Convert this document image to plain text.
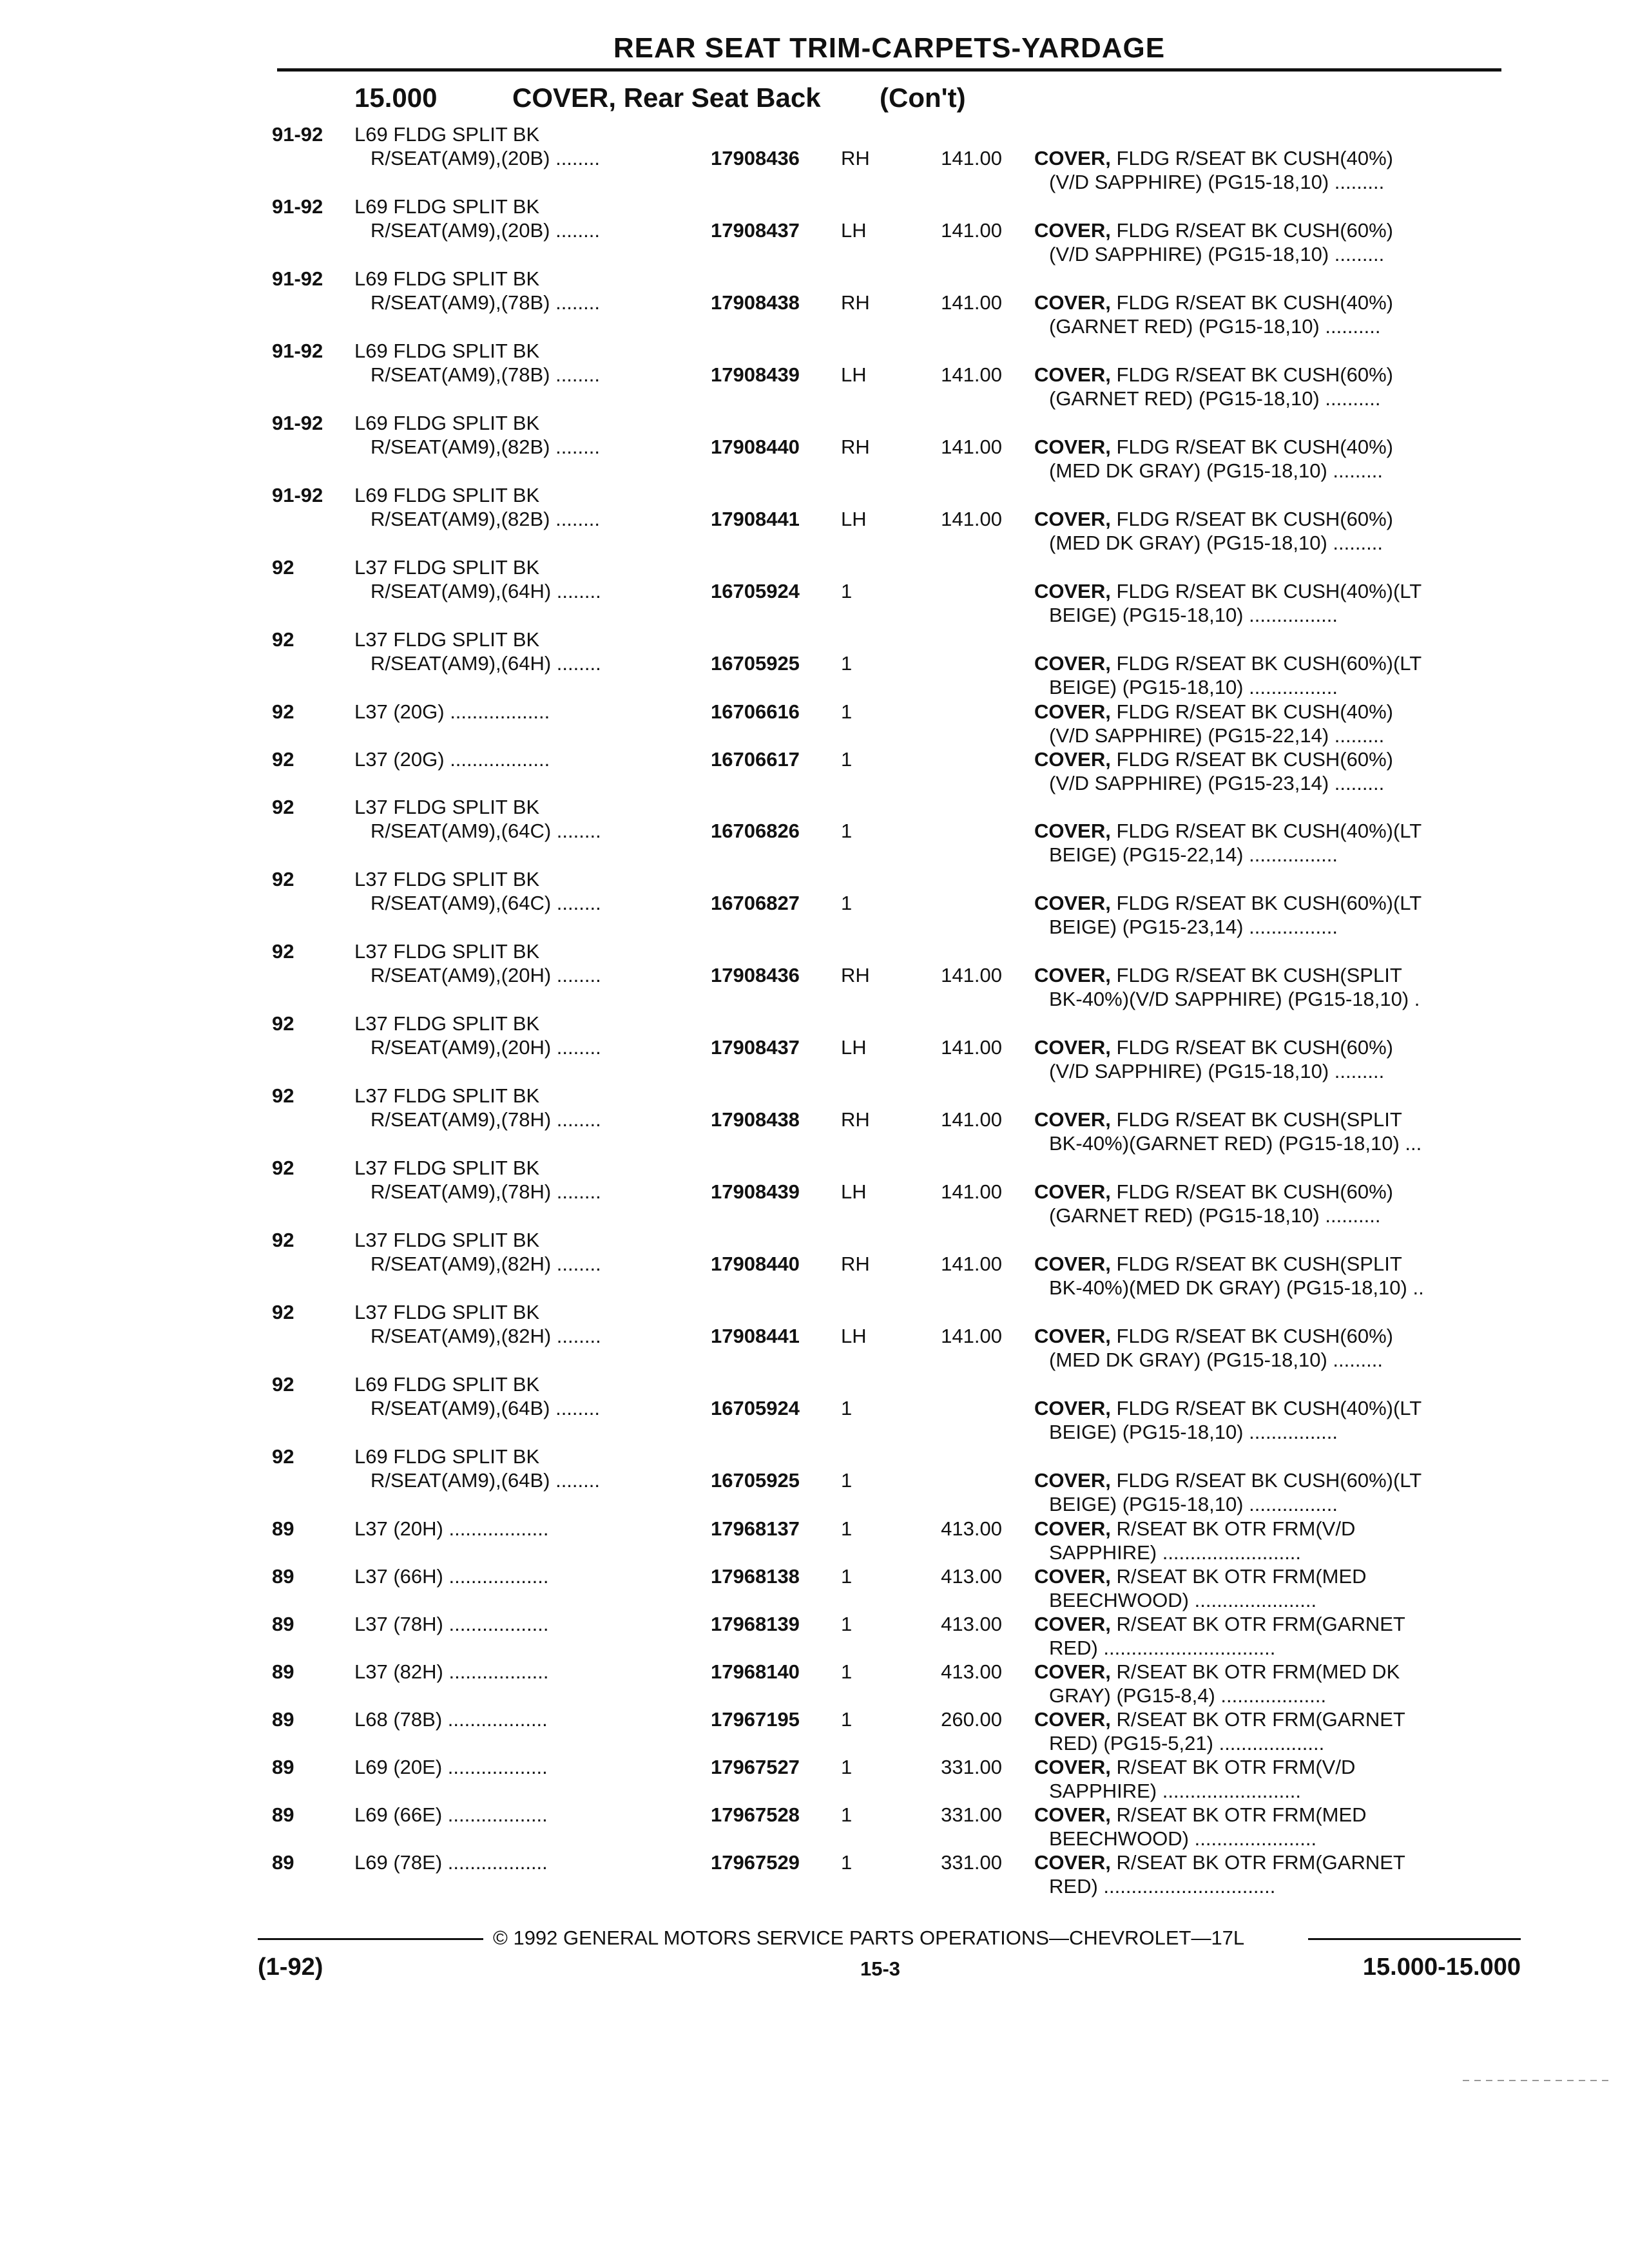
REAR SEAT TRIM-CARPETS-YARDAGE
15.000	COVER, Rear Seat Back (Con't)
91-92 L69 FLDG SPLIT BK
R/SEAT(AM9),(20B) ........	17908436 RH	141.00 COVER, FLDG R/SEAT BK CUSH(40%)
(V/D SAPPHIRE) (PG15-18,10) .........
91-92 L69 FLDG SPLIT BK
R/SEAT(AM9),(20B) ........	17908437 LH	141.00 COVER, FLDG R/SEAT BK CUSH(60%)
(V/D SAPPHIRE) (PG15-18,10) .........
91-92 L69 FLDG SPLIT BK
R/SEAT(AM9),(78B) ........	17908438 RH	141.00 COVER, FLDG R/SEAT BK CUSH(40%)
(GARNET RED) (PG15-18,10) ..........
91-92 L69 FLDG SPLIT BK
R/SEAT(AM9),(78B) ........	17908439 LH	141.00 COVER, FLDG R/SEAT BK CUSH(60%)
(GARNET RED) (PG15-18,10) ..........
91-92 L69 FLDG SPLIT BK
R/SEAT(AM9),(82B) ........	17908440 RH	141.00 COVER, FLDG R/SEAT BK CUSH(40%)
(MED DK GRAY) (PG15-18,10) .........
91-92 L69 FLDG SPLIT BK
R/SEAT(AM9),(82B) ........	17908441 LH	141.00 COVER, FLDG R/SEAT BK CUSH(60%)
(MED DK GRAY) (PG15-18,10) .........
92	L37 FLDG SPLIT BK
R/SEAT(AM9),(64H) ........	16705924 1	COVER, FLDG R/SEAT BK CUSH(40%)(LT
BEIGE) (PG15-18,10) ................
92	L37 FLDG SPLIT BK
R/SEAT(AM9),(64H) ........	16705925 1	COVER, FLDG R/SEAT BK CUSH(60%)(LT
BEIGE) (PG15-18,10) ................
92	L37 (20G) ..................	16706616 1	COVER, FLDG R/SEAT BK CUSH(40%)
(V/D SAPPHIRE) (PG15-22,14) .........
92	L37 (20G) ..................	16706617 1	COVER, FLDG R/SEAT BK CUSH(60%)
(V/D SAPPHIRE) (PG15-23,14) .........
92	L37 FLDG SPLIT BK
R/SEAT(AM9),(64C) ........	16706826 1	COVER, FLDG R/SEAT BK CUSH(40%)(LT
BEIGE) (PG15-22,14) ................
92	L37 FLDG SPLIT BK
R/SEAT(AM9),(64C) ........	16706827 1	COVER, FLDG R/SEAT BK CUSH(60%)(LT
BEIGE) (PG15-23,14) ................
92	L37 FLDG SPLIT BK
R/SEAT(AM9),(20H) ........	17908436 RH	141.00 COVER, FLDG R/SEAT BK CUSH(SPLIT
BK-40%)(V/D SAPPHIRE) (PG15-18,10) .
92	L37 FLDG SPLIT BK
R/SEAT(AM9),(20H) ........	17908437 LH	141.00 COVER, FLDG R/SEAT BK CUSH(60%)
(V/D SAPPHIRE) (PG15-18,10) .........
92	L37 FLDG SPLIT BK
R/SEAT(AM9),(78H) ........	17908438 RH	141.00 COVER, FLDG R/SEAT BK CUSH(SPLIT
BK-40%)(GARNET RED) (PG15-18,10) ...
92	L37 FLDG SPLIT BK
R/SEAT(AM9),(78H) ........	17908439 LH	141.00 COVER, FLDG R/SEAT BK CUSH(60%)
(GARNET RED) (PG15-18,10) ..........
92	L37 FLDG SPLIT BK
R/SEAT(AM9),(82H) ........	17908440 RH	141.00 COVER, FLDG R/SEAT BK CUSH(SPLIT
BK-40%)(MED DK GRAY) (PG15-18,10) ..
92	L37 FLDG SPLIT BK
R/SEAT(AM9),(82H) ........	17908441 LH	141.00 COVER, FLDG R/SEAT BK CUSH(60%)
(MED DK GRAY) (PG15-18,10) .........
92	L69 FLDG SPLIT BK
R/SEAT(AM9),(64B) ........	16705924 1	COVER, FLDG R/SEAT BK CUSH(40%)(LT
BEIGE) (PG15-18,10) ................
92	L69 FLDG SPLIT BK
R/SEAT(AM9),(64B) ........	16705925 1	COVER, FLDG R/SEAT BK CUSH(60%)(LT
BEIGE) (PG15-18,10) ................
89	L37 (20H) ..................	17968137 1	413.00 COVER, R/SEAT BK OTR FRM(V/D
SAPPHIRE) .........................
89	L37 (66H) ..................	17968138 1	413.00 COVER, R/SEAT BK OTR FRM(MED
BEECHWOOD) ......................
89	L37 (78H) ..................	17968139 1	413.00 COVER, R/SEAT BK OTR FRM(GARNET
RED) ...............................
89	L37 (82H) ..................	17968140 1	413.00 COVER, R/SEAT BK OTR FRM(MED DK
GRAY) (PG15-8,4) ...................
89	L68 (78B) ..................	17967195 1	260.00 COVER, R/SEAT BK OTR FRM(GARNET
RED) (PG15-5,21) ...................
89	L69 (20E) ..................	17967527 1	331.00 COVER, R/SEAT BK OTR FRM(V/D
SAPPHIRE) .........................
89	L69 (66E) ..................	17967528 1	331.00 COVER, R/SEAT BK OTR FRM(MED
BEECHWOOD) ......................
89	L69 (78E) ..................	17967529 1	331.00 COVER, R/SEAT BK OTR FRM(GARNET
RED) ...............................
© 1992 GENERAL MOTORS SERVICE PARTS OPERATIONS—CHEVROLET—17L
(1-92)	15-3	15.000-15.000
